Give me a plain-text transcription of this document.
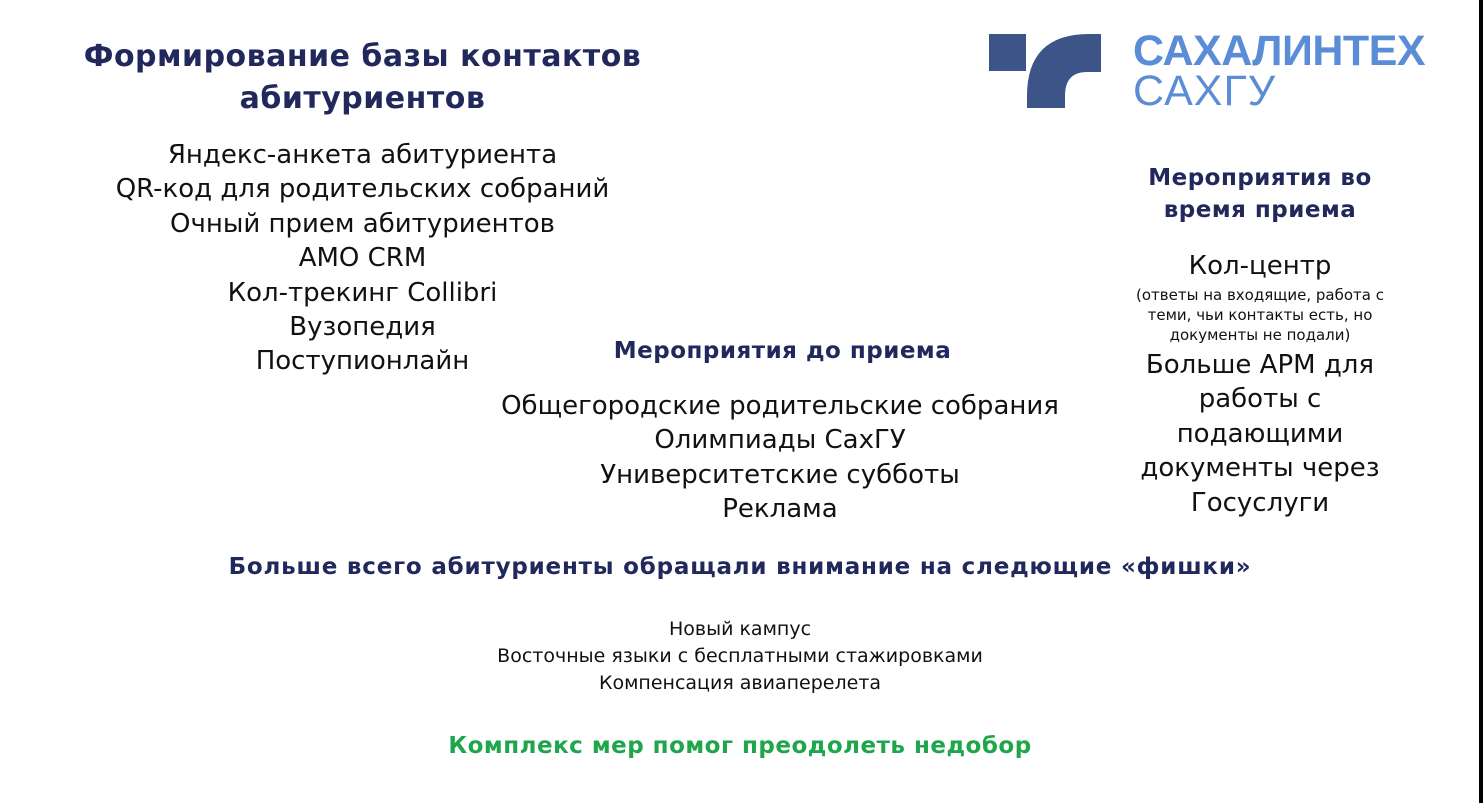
Формирование базы контактов
абитуриентов
Яндекс-анкета абитуриента
QR-код для родительских собраний
Очный прием абитуриентов
AMO CRM
Кол-трекинг Collibri
Вузопедия
Поступионлайн
САХАЛИНТЕХ
САХГУ
Мероприятия во
время приема
Кол-центр
(ответы на входящие, работа с
теми, чьи контакты есть, но
документы не подали)
Больше АРМ для
работы с
подающими
документы через
Госуслуги
Мероприятия до приема
Общегородские родительские собрания
Олимпиады СахГУ
Университетские субботы
Реклама
Больше всего абитуриенты обращали внимание на следющие «фишки»
Новый кампус
Восточные языки с бесплатными стажировками
Компенсация авиаперелета
Комплекс мер помог преодолеть недобор
